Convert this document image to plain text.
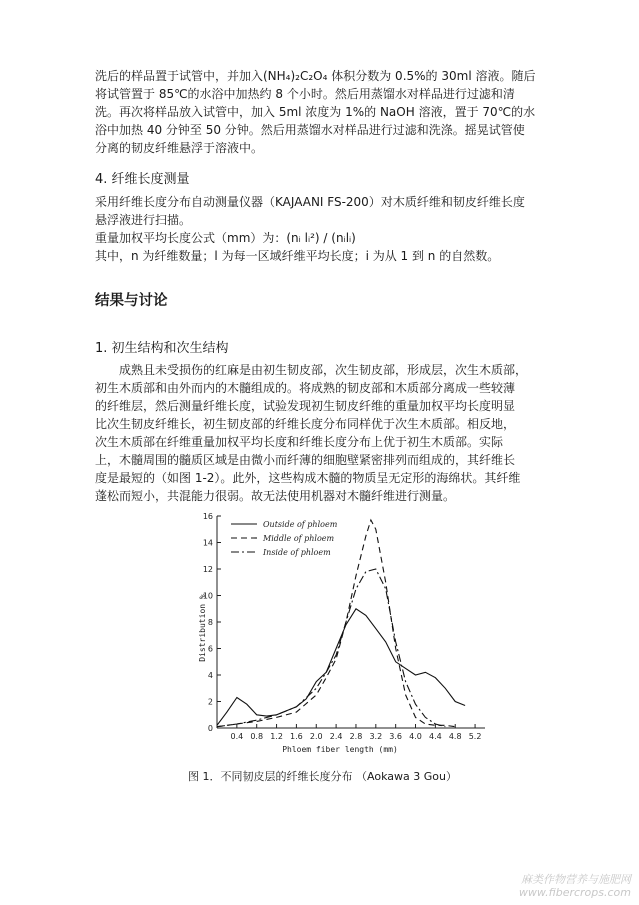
洗后的样品置于试管中，并加入(NH₄)₂C₂O₄ 体积分数为 0.5%的 30ml 溶液。随后
将试管置于 85℃的水浴中加热约 8 个小时。然后用蒸馏水对样品进行过滤和清
洗。再次将样品放入试管中，加入 5ml 浓度为 1%的 NaOH 溶液，置于 70℃的水
浴中加热 40 分钟至 50 分钟。然后用蒸馏水对样品进行过滤和洗涤。摇晃试管使
分离的韧皮纤维悬浮于溶液中。

4. 纤维长度测量

采用纤维长度分布自动测量仪器（KAJAANI FS-200）对木质纤维和韧皮纤维长度
悬浮液进行扫描。
重量加权平均长度公式（mm）为：(nᵢ lᵢ²) / (nᵢlᵢ)
其中，n 为纤维数量；l 为每一区域纤维平均长度；i 为从 1 到 n 的自然数。

结果与讨论
1. 初生结构和次生结构

　　成熟且未受损伤的红麻是由初生韧皮部，次生韧皮部，形成层，次生木质部，
初生木质部和由外而内的木髓组成的。将成熟的韧皮部和木质部分离成一些较薄
的纤维层，然后测量纤维长度，试验发现初生韧皮纤维的重量加权平均长度明显
比次生韧皮纤维长，初生韧皮部的纤维长度分布同样优于次生木质部。相反地，
次生木质部在纤维重量加权平均长度和纤维长度分布上优于初生木质部。实际
上，木髓周围的髓质区域是由微小而纤薄的细胞壁紧密排列而组成的，其纤维长
度是最短的（如图 1-2）。此外，这些构成木髓的物质呈无定形的海绵状。其纤维
蓬松而短小，共混能力很弱。故无法使用机器对木髓纤维进行测量。

0
2
4
6
8
10
12
14
16
0.4 0.8 1.2 1.6 2.0 2.4 2.8 3.2 3.6 4.0 4.4 4.8 5.2
Outside of phloem
Middle of phloem
Inside of phloem
Distribution %
Phloem fiber length (mm)
图 1．不同韧皮层的纤维长度分布 （Aokawa 3 Gou）
麻类作物营养与施肥网
www.fibercrops.com
